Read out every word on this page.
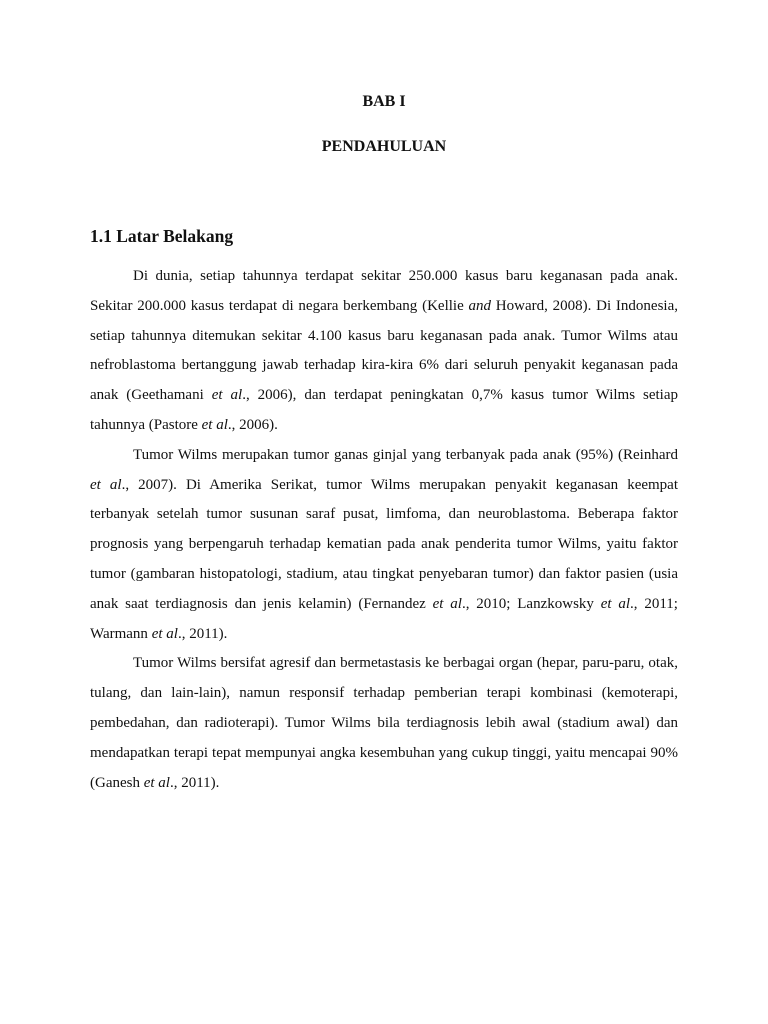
BAB I
PENDAHULUAN
1.1 Latar Belakang

Di dunia, setiap tahunnya terdapat sekitar 250.000 kasus baru keganasan pada anak. Sekitar 200.000 kasus terdapat di negara berkembang (Kellie and Howard, 2008). Di Indonesia, setiap tahunnya ditemukan sekitar 4.100 kasus baru keganasan pada anak. Tumor Wilms atau nefroblastoma bertanggung jawab terhadap kira-kira 6% dari seluruh penyakit keganasan pada anak (Geethamani et al., 2006), dan terdapat peningkatan 0,7% kasus tumor Wilms setiap tahunnya (Pastore et al., 2006).

Tumor Wilms merupakan tumor ganas ginjal yang terbanyak pada anak (95%) (Reinhard et al., 2007). Di Amerika Serikat, tumor Wilms merupakan penyakit keganasan keempat terbanyak setelah tumor susunan saraf pusat, limfoma, dan neuroblastoma. Beberapa faktor prognosis yang berpengaruh terhadap kematian pada anak penderita tumor Wilms, yaitu faktor tumor (gambaran histopatologi, stadium, atau tingkat penyebaran tumor) dan faktor pasien (usia anak saat terdiagnosis dan jenis kelamin) (Fernandez et al., 2010; Lanzkowsky et al., 2011; Warmann et al., 2011).

Tumor Wilms bersifat agresif dan bermetastasis ke berbagai organ (hepar, paru-paru, otak, tulang, dan lain-lain), namun responsif terhadap pemberian terapi kombinasi (kemoterapi, pembedahan, dan radioterapi). Tumor Wilms bila terdiagnosis lebih awal (stadium awal) dan mendapatkan terapi tepat mempunyai angka kesembuhan yang cukup tinggi, yaitu mencapai 90% (Ganesh et al., 2011).
